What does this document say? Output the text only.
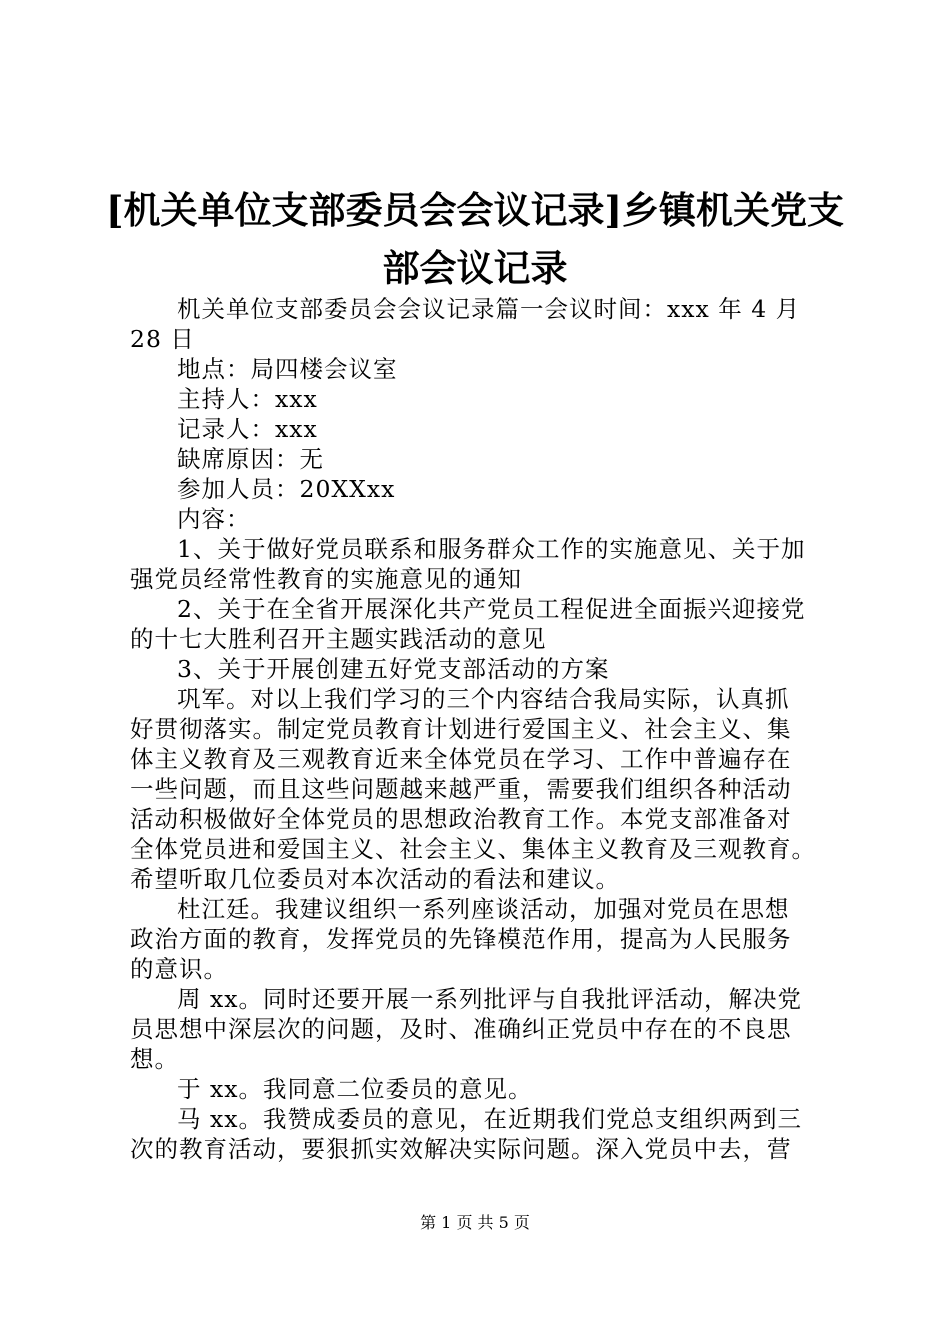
[机关单位支部委员会会议记录]乡镇机关党支
部会议记录
机关单位支部委员会会议记录篇一会议时间：xxx 年 4 月
28 日
地点：局四楼会议室
主持人：xxx
记录人：xxx
缺席原因：无
参加人员：20XXxx
内容：
1、关于做好党员联系和服务群众工作的实施意见、关于加
强党员经常性教育的实施意见的通知
2、关于在全省开展深化共产党员工程促进全面振兴迎接党
的十七大胜利召开主题实践活动的意见
3、关于开展创建五好党支部活动的方案
巩军。对以上我们学习的三个内容结合我局实际，认真抓
好贯彻落实。制定党员教育计划进行爱国主义、社会主义、集
体主义教育及三观教育近来全体党员在学习、工作中普遍存在
一些问题，而且这些问题越来越严重，需要我们组织各种活动
活动积极做好全体党员的思想政治教育工作。本党支部准备对
全体党员进和爱国主义、社会主义、集体主义教育及三观教育。
希望听取几位委员对本次活动的看法和建议。
杜江廷。我建议组织一系列座谈活动，加强对党员在思想
政治方面的教育，发挥党员的先锋模范作用，提高为人民服务
的意识。
周 xx。同时还要开展一系列批评与自我批评活动，解决党
员思想中深层次的问题，及时、准确纠正党员中存在的不良思
想。
于 xx。我同意二位委员的意见。
马 xx。我赞成委员的意见，在近期我们党总支组织两到三
次的教育活动，要狠抓实效解决实际问题。深入党员中去，营
第 1 页 共 5 页
